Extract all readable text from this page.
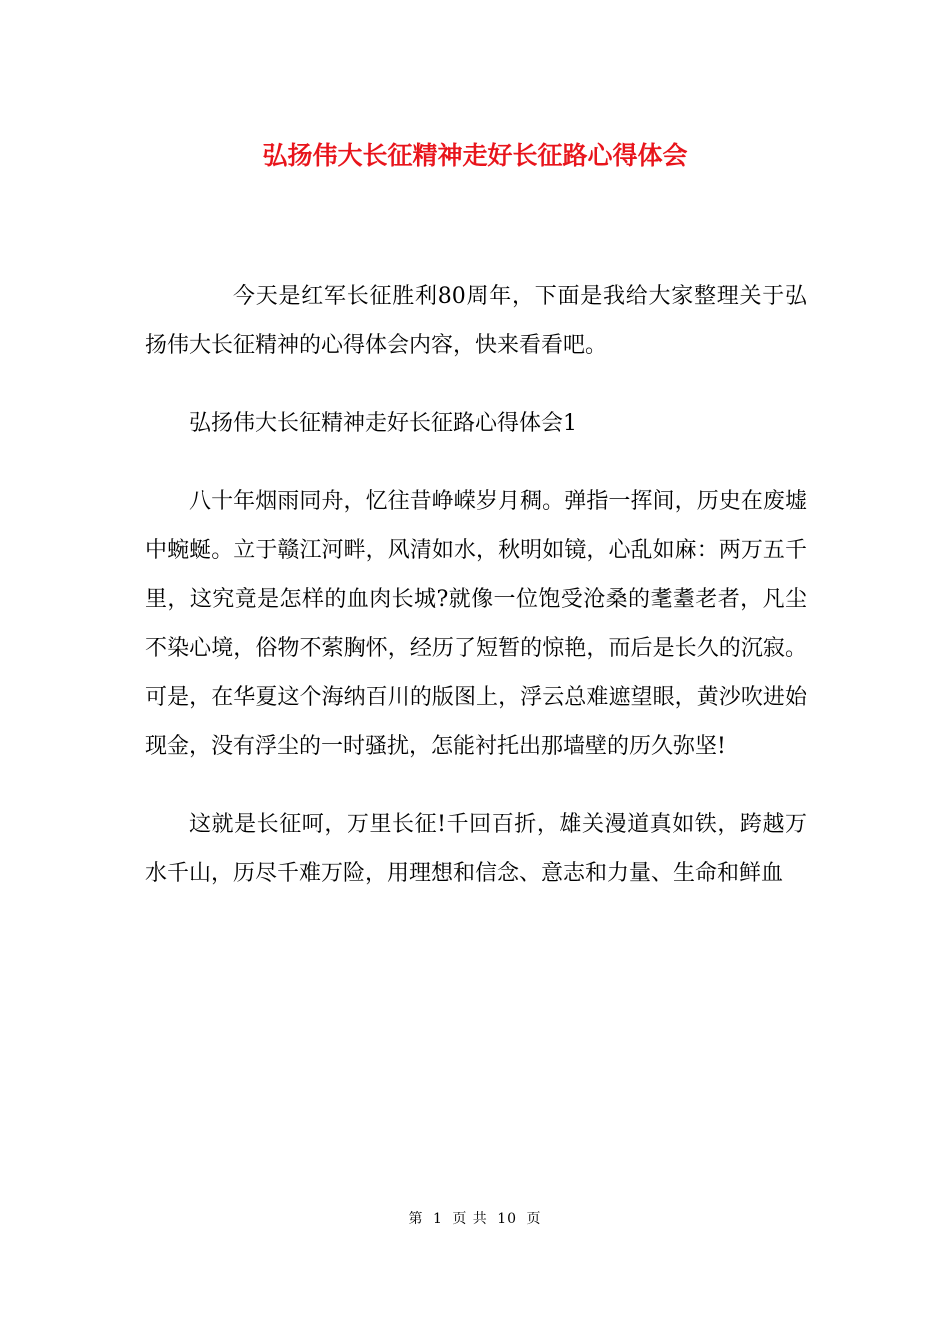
弘扬伟大长征精神走好长征路心得体会

今天是红军长征胜利80周年，下面是我给大家整理关于弘扬伟大长征精神的心得体会内容，快来看看吧。

弘扬伟大长征精神走好长征路心得体会1

八十年烟雨同舟，忆往昔峥嵘岁月稠。弹指一挥间，历史在废墟中蜿蜒。立于赣江河畔，风清如水，秋明如镜，心乱如麻：两万五千里，这究竟是怎样的血肉长城?就像一位饱受沧桑的耄耋老者，凡尘不染心境，俗物不萦胸怀，经历了短暂的惊艳，而后是长久的沉寂。可是，在华夏这个海纳百川的版图上，浮云总难遮望眼，黄沙吹进始现金，没有浮尘的一时骚扰，怎能衬托出那墙壁的历久弥坚!

这就是长征呵，万里长征!千回百折，雄关漫道真如铁，跨越万水千山，历尽千难万险，用理想和信念、意志和力量、生命和鲜血

第 1 页 共 10 页
